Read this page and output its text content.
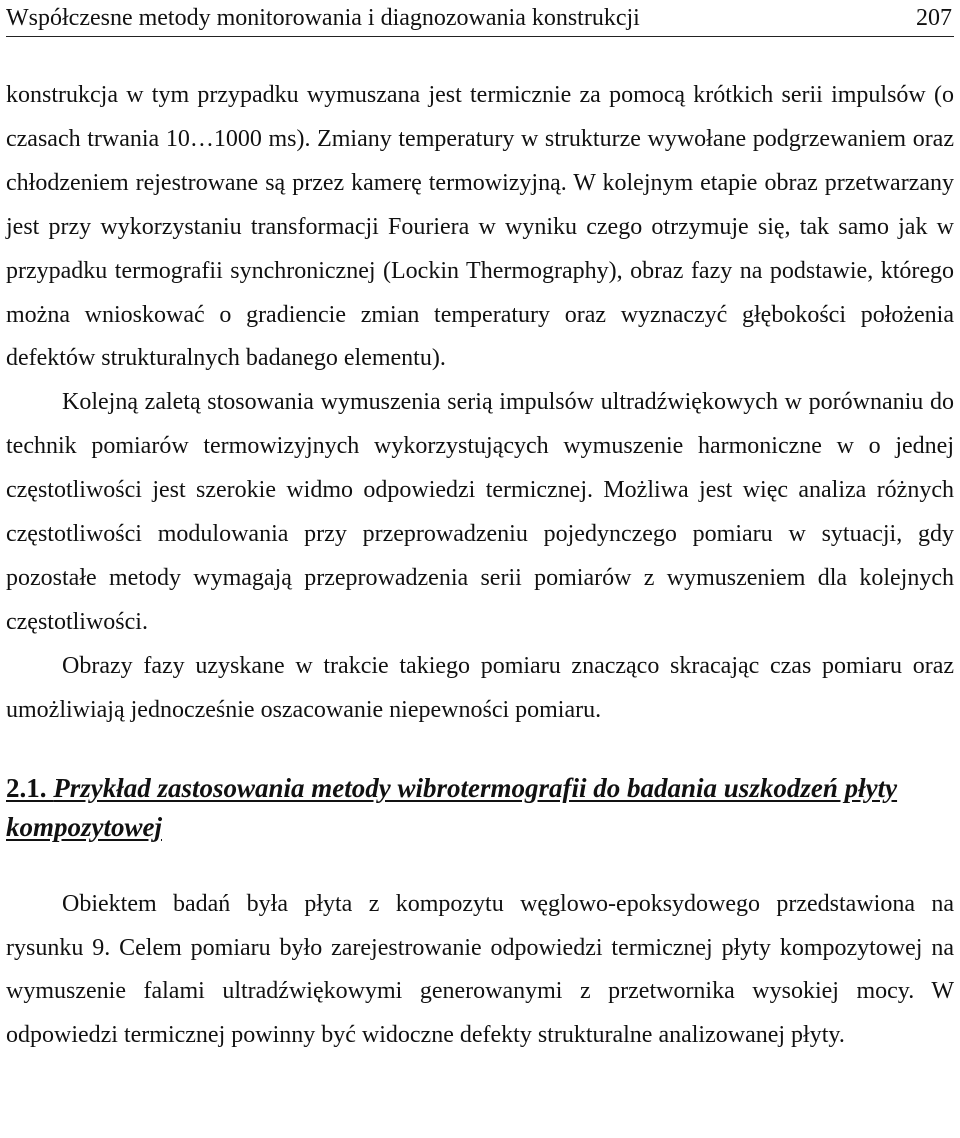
Współczesne metody monitorowania i diagnozowania konstrukcji	207

konstrukcja w tym przypadku wymuszana jest termicznie za pomocą krótkich serii impulsów (o czasach trwania 10…1000 ms). Zmiany temperatury w strukturze wywołane podgrzewaniem oraz chłodzeniem rejestrowane są przez kamerę termowizyjną. W kolejnym etapie obraz przetwarzany jest przy wykorzystaniu transformacji Fouriera w wyniku czego otrzymuje się, tak samo jak w przypadku termografii synchronicznej (Lockin Thermography), obraz fazy na podstawie, którego można wnioskować o gradiencie zmian temperatury oraz wyznaczyć głębokości położenia defektów strukturalnych badanego elementu).

Kolejną zaletą stosowania wymuszenia serią impulsów ultradźwiękowych w porównaniu do technik pomiarów termowizyjnych wykorzystujących wymuszenie harmoniczne w o jednej częstotliwości jest szerokie widmo odpowiedzi termicznej. Możliwa jest więc analiza różnych częstotliwości modulowania przy przeprowadzeniu pojedynczego pomiaru w sytuacji, gdy pozostałe metody wymagają przeprowadzenia serii pomiarów z wymuszeniem dla kolejnych częstotliwości.

Obrazy fazy uzyskane w trakcie takiego pomiaru znacząco skracając czas pomiaru oraz umożliwiają jednocześnie oszacowanie niepewności pomiaru.

2.1. Przykład zastosowania metody wibrotermografii do badania uszkodzeń płyty kompozytowej

Obiektem badań była płyta z kompozytu węglowo-epoksydowego przedstawiona na rysunku 9. Celem pomiaru było zarejestrowanie odpowiedzi termicznej płyty kompozytowej na wymuszenie falami ultradźwiękowymi generowanymi z przetwornika wysokiej mocy. W odpowiedzi termicznej powinny być widoczne defekty strukturalne analizowanej płyty.
